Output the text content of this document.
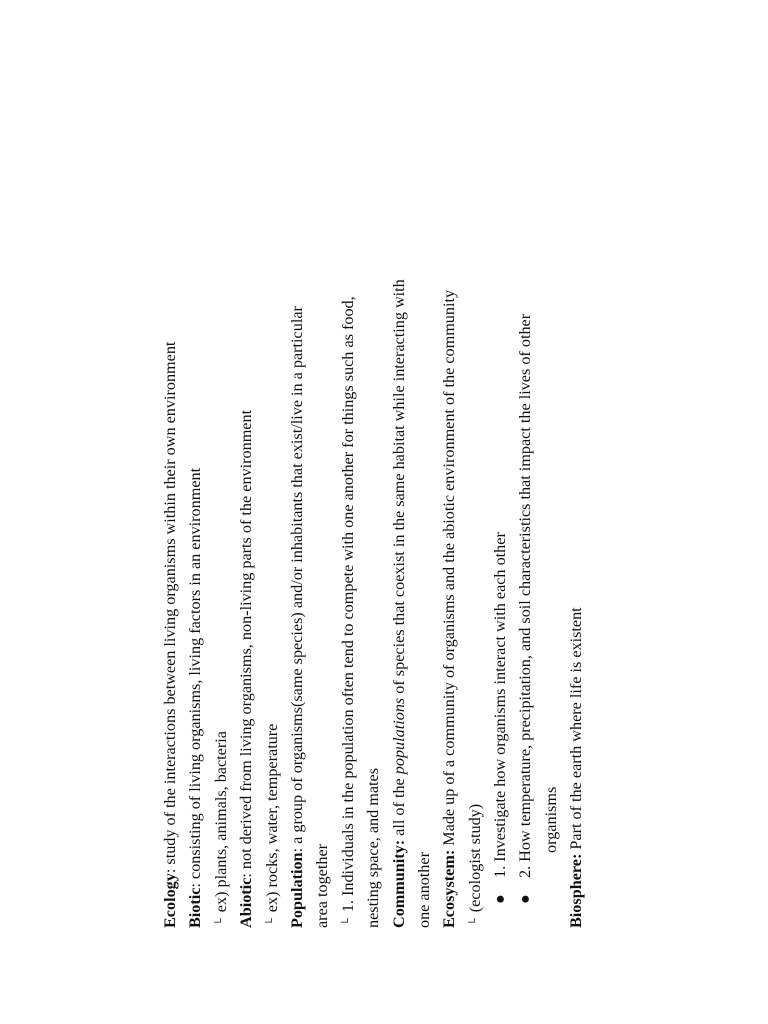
Ecology: study of the interactions between living organisms within their own environment

Biotic: consisting of living organisms, living factors in an environment

└ex) plants, animals, bacteria Abiotic: not derived from living organisms, non-living parts of the environment

└ex) rocks, water, temperature Population: a group of organisms(same species) and/or inhabitants that exist/live in a particular

area together └1. Individuals in the population often tend to compete with one another for things such as food, nesting space, and mates Community: all of the populations of species that coexist in the same habitat while interacting with

one another Ecosystem: Made up of a community of organisms and the abiotic environment of the community

└(ecologist study) ●
1. Investigate how organisms interact with each other

●
2. How temperature, precipitation, and soil characteristics that impact the lives of other organisms

Biosphere: Part of the earth where life is existent
